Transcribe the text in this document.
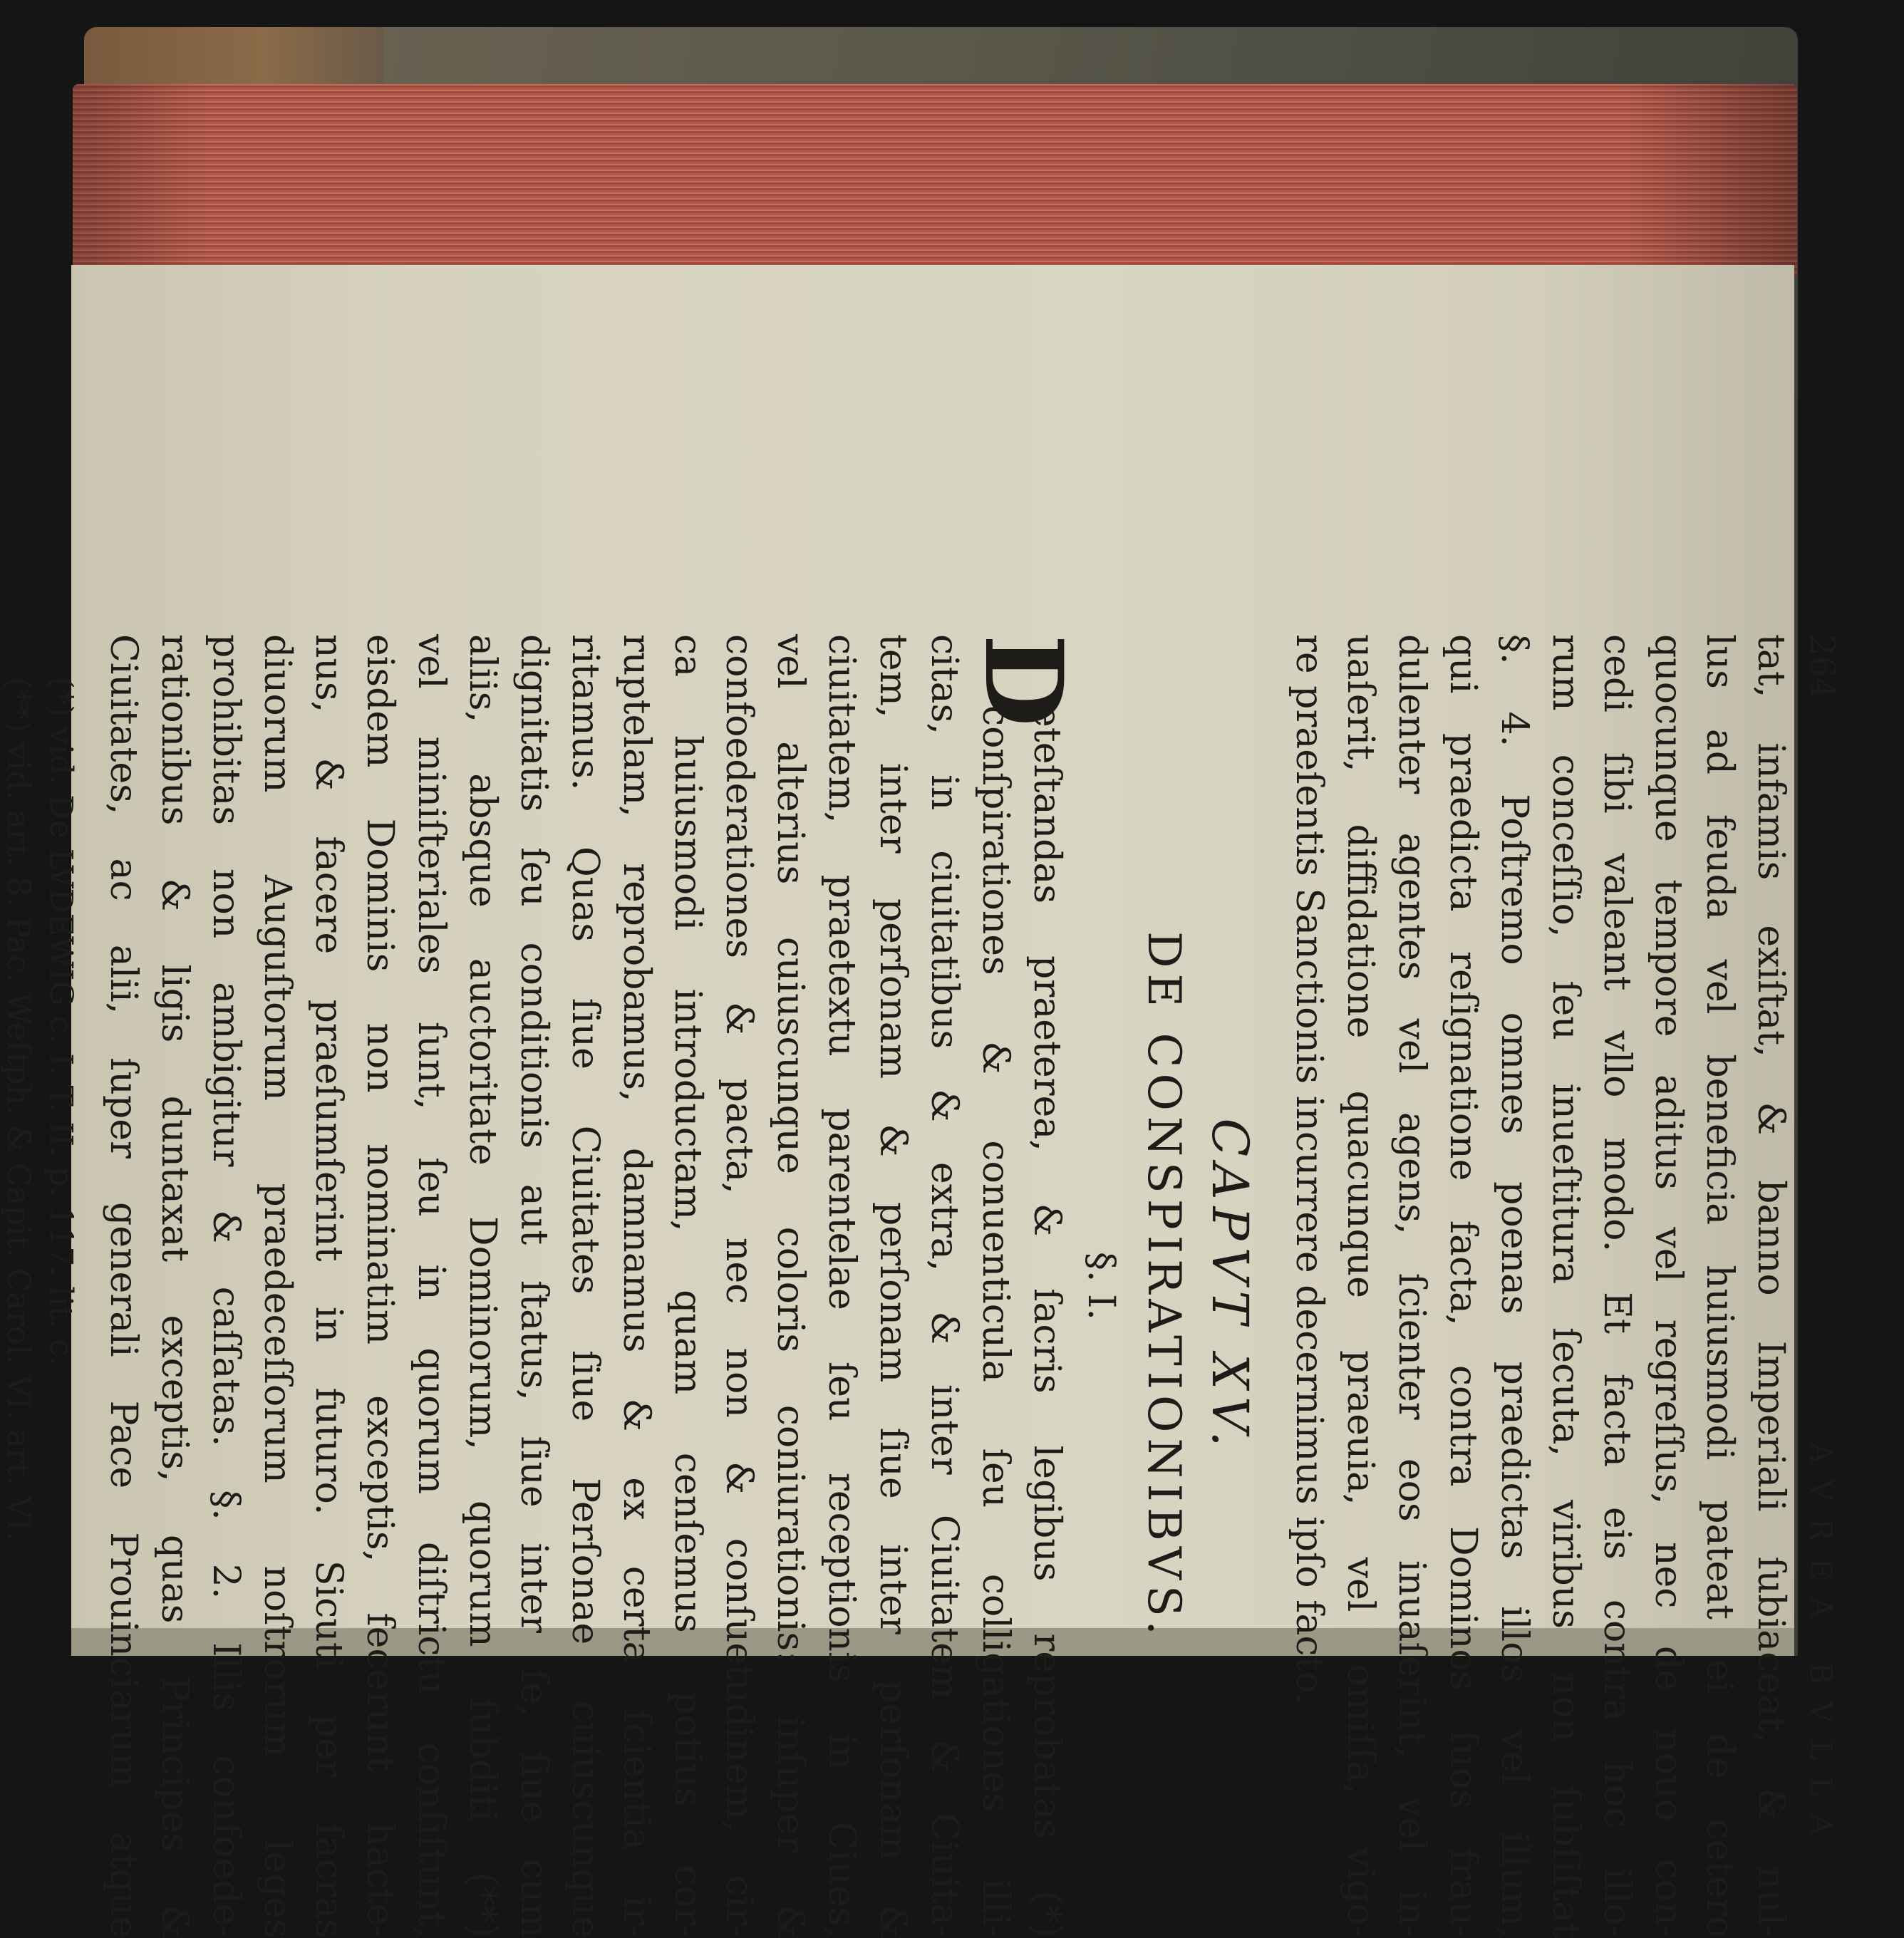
264
AVREA BVLLA
tat, infamis exiſtat, & banno Imperiali ſubiaceat, & nul-
lus ad feuda vel beneficia huiusmodi pateat ei de cetero
quocunque tempore aditus vel regreſſus, nec de nouo con-
cedi ſibi valeant vllo modo. Et facta eis contra hoc illo-
rum conceſſio, ſeu inueſtitura ſecuta, viribus non ſubſiſtat
§. 4. Poſtremo omnes poenas praedictas illos vel illum,
qui praedicta reſignatione facta, contra Dominos ſuos frau-
dulenter agentes vel agens, ſcienter eos inuaſerint, vel in-
uaſerit, diffidatione quacunque praeuia, vel omiſſa, vigo-
re praeſentis Sanctionis incurrere decernimus ipſo facto.
CAPVT XV.
DE CONSPIRATIONIBVS.
§. I.
D
eteſtandas praeterea, & ſacris legibus reprobatas (*)
conſpirationes & conuenticula ſeu colligationes illi-
citas, in ciuitatibus & extra, & inter Ciuitatem & Ciuita-
tem, inter perſonam & perſonam ſiue inter perſonam &
ciuitatem, praetextu parentelae ſeu receptionis in Ciues,
vel alterius cuiuscunque coloris coniurationis: inſuper &
confoederationes & pacta, nec non & conſuetudinem, cir-
ca huiusmodi introductam, quam cenſemus potius cor-
ruptelam, reprobamus, damnamus & ex certa ſcientia ir-
ritamus. Quas ſiue Ciuitates ſiue Perſonae cuiuscunque
dignitatis ſeu conditionis aut ſtatus, ſiue inter ſe, ſiue cum
aliis, absque auctoritate Dominorum, quorum ſubditi (**)
vel miniſteriales ſunt, ſeu in quorum diſtrictu conſiſtunt,
eisdem Dominis non nominatim exceptis, fecerunt hacte-
nus, & facere praeſumſerint in futuro. Sicuti per ſacras
diuorum Auguſtorum praedeceſſorum noſtrorum leges
prohibitas non ambigitur & caſſatas. §. 2. Illis confoede-
rationibus & ligis duntaxat exceptis, quas Principes &
Ciuitates, ac alii, ſuper generali Pace Prouinciarum atque
(*) vid. De LVDEWIG c. I. T. II. p. 117. lit. c.
(**) vid. art. 8. Pac. Weſtph. & Capit. Carol. VI. art. VI.
